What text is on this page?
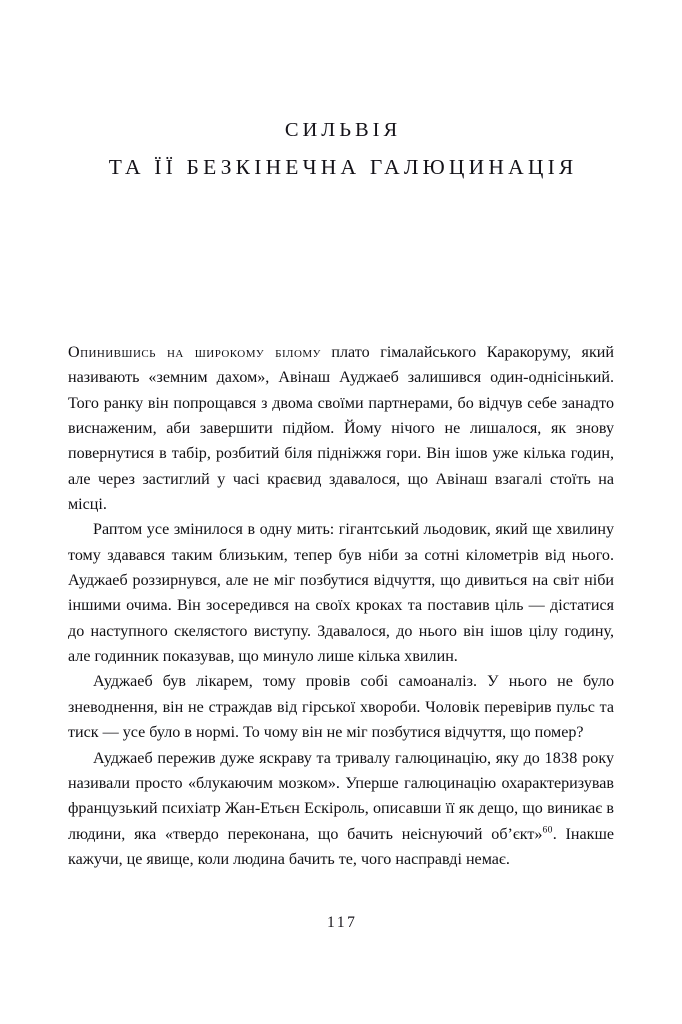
СИЛЬВІЯ
ТА ЇЇ БЕЗКІНЕЧНА ГАЛЮЦИНАЦІЯ

Опинившись на широкому білому плато гімалайського Каракоруму, який називають «земним дахом», Авінаш Ауджаеб залишився один-однісінький. Того ранку він попрощався з двома своїми партнерами, бо відчув себе занадто виснаженим, аби завершити підйом. Йому нічого не лишалося, як знову повернутися в табір, розбитий біля підніжжя гори. Він ішов уже кілька годин, але через застиглий у часі краєвид здавалося, що Авінаш взагалі стоїть на місці.

Раптом усе змінилося в одну мить: гігантський льодовик, який ще хвилину тому здавався таким близьким, тепер був ніби за сотні кілометрів від нього. Ауджаеб роззирнувся, але не міг позбутися відчуття, що дивиться на світ ніби іншими очима. Він зосередився на своїх кроках та поставив ціль — дістатися до наступного скелястого виступу. Здавалося, до нього він ішов цілу годину, але годинник показував, що минуло лише кілька хвилин.

Ауджаеб був лікарем, тому провів собі самоаналіз. У нього не було зневоднення, він не страждав від гірської хвороби. Чоловік перевірив пульс та тиск — усе було в нормі. То чому він не міг позбутися відчуття, що помер?

Ауджаеб пережив дуже яскраву та тривалу галюцинацію, яку до 1838 року називали просто «блукаючим мозком». Уперше галюцинацію охарактеризував французький психіатр Жан-Етьєн Ескіроль, описавши її як дещо, що виникає в людини, яка «твердо переконана, що бачить неіснуючий об’єкт»$^{60}$. Інакше кажучи, це явище, коли людина бачить те, чого насправді немає.

117
